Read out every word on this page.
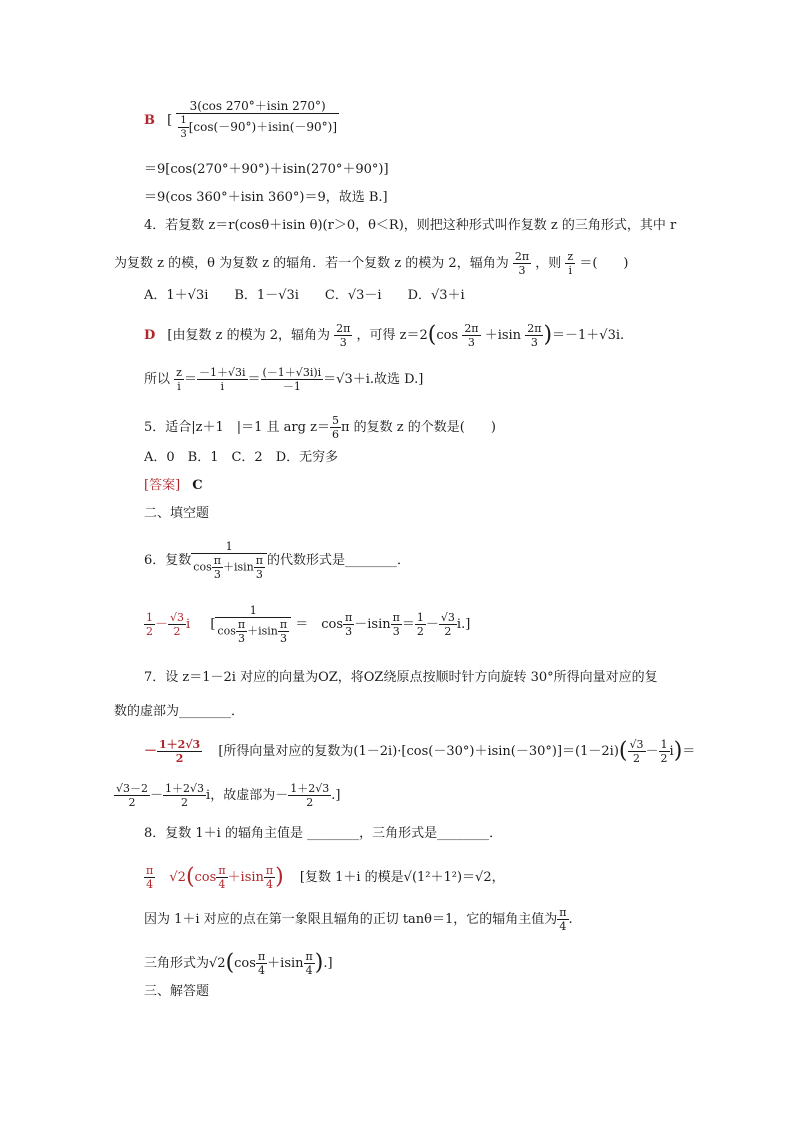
B [ $\frac{3(\cos 270^\circ+isin 270^\circ)}{\frac{1}{3} [\cos(-90^\circ)+isin(-90^\circ)]}$
＝9[cos(270°＋90°)＋isin(270°＋90°)]
＝9(cos 360°＋isin 360°)＝9，故选 B.]
4．若复数 z＝r(cosθ＋isin θ)(r＞0，θ＜R)，则把这种形式叫作复数 z 的三角形式，其中 r
为复数 z 的模，θ 为复数 z 的辐角．若一个复数 z 的模为 2，辐角为 $\frac{2\pi}{3}$ ，则 $\frac{z}{i}$ ＝(　　)
A．1＋√3i　　B．1－√3i　　C．√3－i　　D．√3＋i
D [由复数 z 的模为 2，辐角为 $\frac{2\pi}{3}$ ，可得 $z=2(\cos \frac{2\pi}{3} +isin \frac{2\pi}{3} )=-1+√3i$.
所以 $\frac{z}{i} = \frac{-1+√3i}{i} = \frac{(-1+√3i)i}{-1} =√3+i$.故选 D.]
5．适合|z＋1　|＝1 且 arg $z= \frac{5}{6}$ π 的复数 z 的个数是(　　)
A．0　B．1　C．2　D．无穷多
[答案] C
二、填空题
6．复数 $\frac{1}{\cos \frac{\pi}{3} +isin \frac{\pi}{3}}$ 的代数形式是________．
$\frac{1}{2} - \frac{√3}{2}$ i [ $\frac{1}{\cos \frac{\pi}{3} +isin \frac{\pi}{3}}$ ＝　$\cos \frac{\pi}{3} -isin \frac{\pi}{3} = \frac{1}{2} - \frac{√3}{2} i$.]
7．设 z＝1－2i 对应的向量为OZ，将OZ绕原点按顺时针方向旋转 30°所得向量对应的复
数的虚部为________．
－ $\frac{1+2√3}{2}$ [所得向量对应的复数为$(1-2i)\cdot[\cos(-30^\circ)+isin(-30^\circ)]=(1-2i)( \frac{√3}{2} - \frac{1}{2} i)=$
$\frac{√3-2}{2} - \frac{1+2√3}{2}$ i，故虚部为－ $\frac{1+2√3}{2}$ .]
8．复数 1＋i 的辐角主值是 ________，三角形式是________．
$\frac{\pi}{4} √2(\cos \frac{\pi}{4} +isin \frac{\pi}{4}$ ) [复数 1＋i 的模是√(1²＋1²)＝√2，
因为 1＋i 对应的点在第一象限且辐角的正切 tanθ＝1，它的辐角主值为 $\frac{\pi}{4}$ .
三角形式为$√2(\cos \frac{\pi}{4} +isin \frac{\pi}{4}$ ).]
三、解答题
